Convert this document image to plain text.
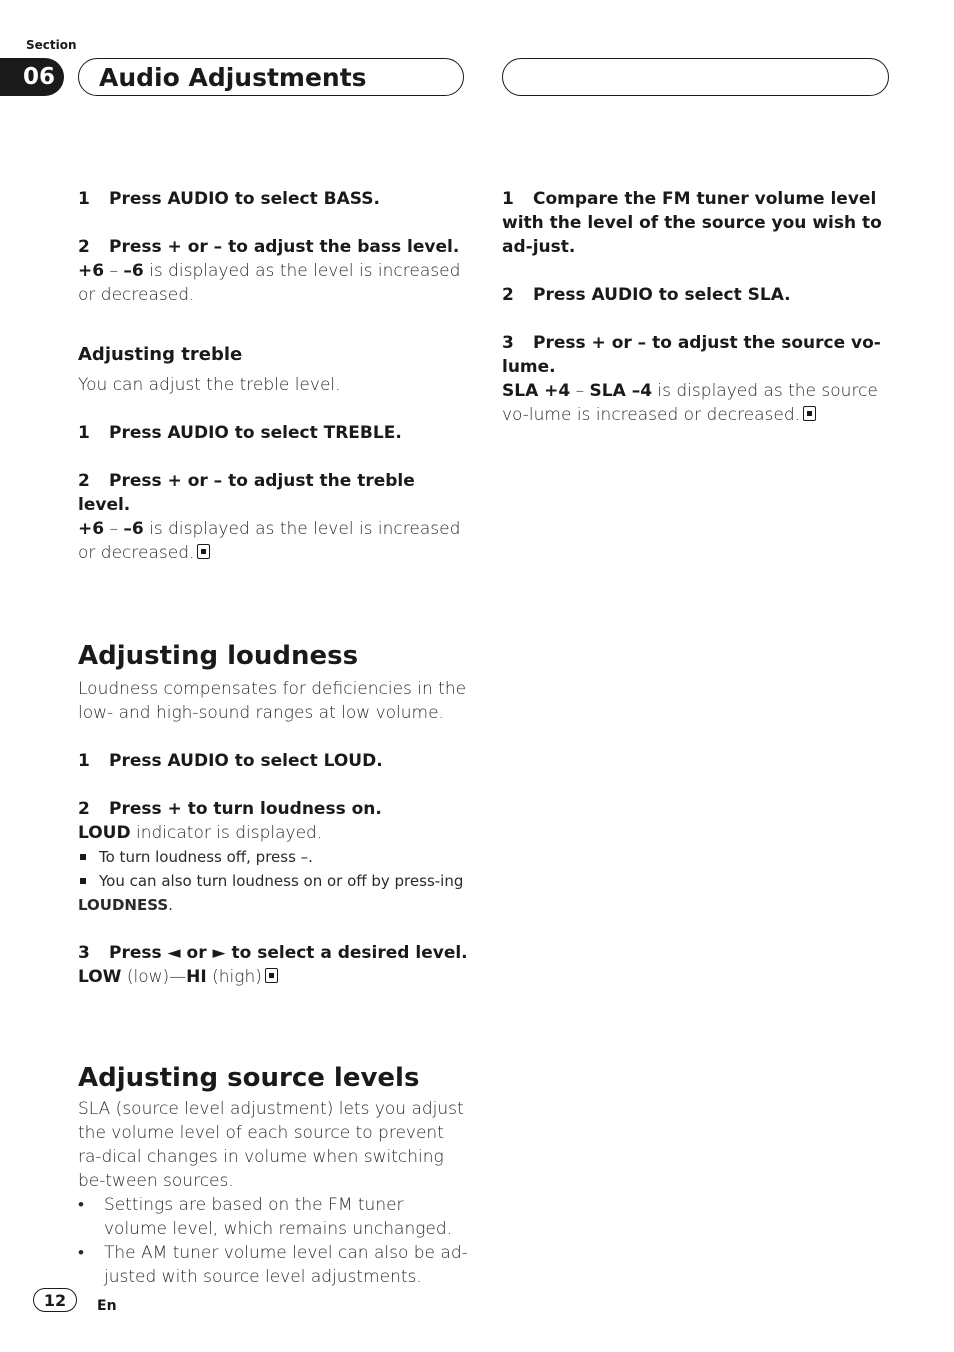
Section
06	Audio Adjustments

1 Press AUDIO to select BASS.

2 Press + or – to adjust the bass level.

+6 – –6 is displayed as the level is increased or decreased.

Adjusting treble

You can adjust the treble level.

1 Press AUDIO to select TREBLE.

2 Press + or – to adjust the treble level.

+6 – –6 is displayed as the level is increased or decreased.

Adjusting loudness

Loudness compensates for deficiencies in the low- and high-sound ranges at low volume.

1 Press AUDIO to select LOUD.

2 Press + to turn loudness on.

LOUD indicator is displayed.

To turn loudness off, press –.

You can also turn loudness on or off by press-ing LOUDNESS.

3 Press ◄ or ► to select a desired level.

LOW (low)—HI (high)

Adjusting source levels

SLA (source level adjustment) lets you adjust the volume level of each source to prevent ra-dical changes in volume when switching be-tween sources.

• Settings are based on the FM tuner volume level, which remains unchanged.

• The AM tuner volume level can also be ad-justed with source level adjustments.

1 Compare the FM tuner volume level with the level of the source you wish to ad-just.

2 Press AUDIO to select SLA.

3 Press + or – to adjust the source vo-lume.

SLA +4 – SLA –4 is displayed as the source vo-lume is increased or decreased.

12	En
